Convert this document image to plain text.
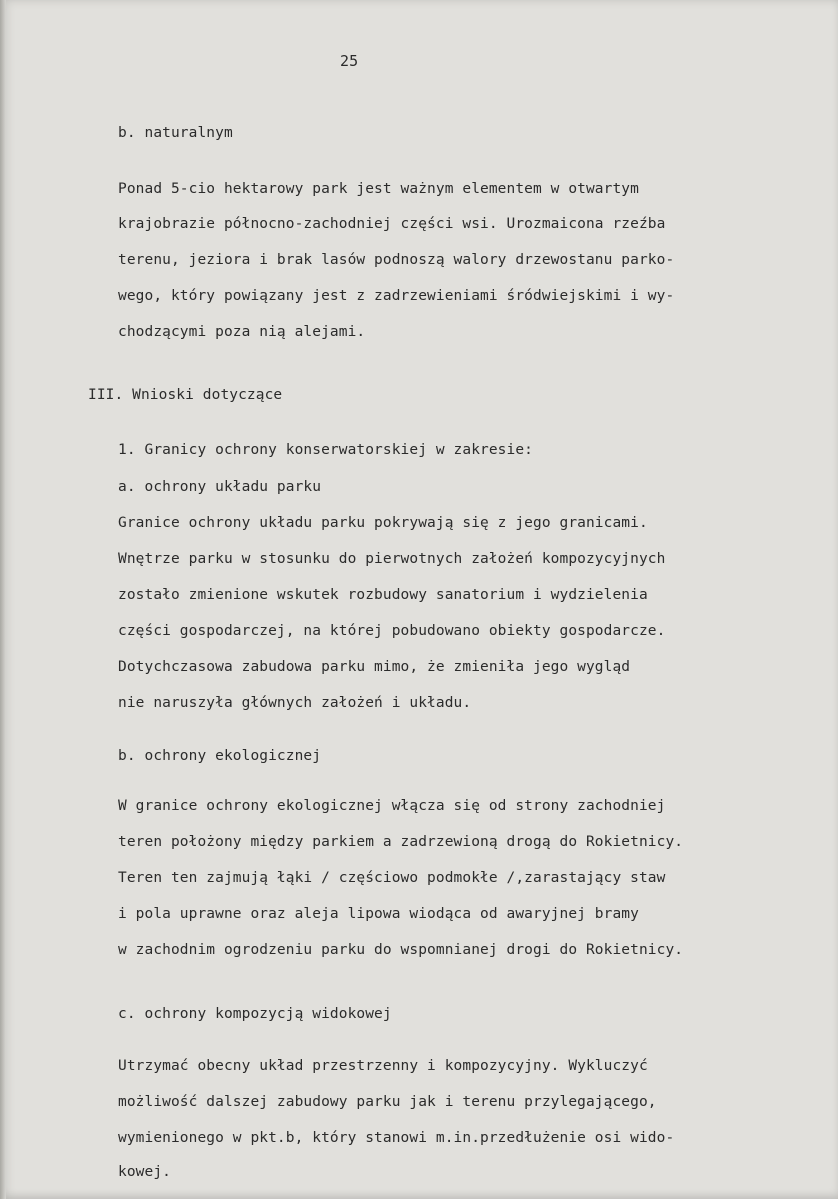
25
b. naturalnym
Ponad 5-cio hektarowy park jest ważnym elementem w otwartym
krajobrazie północno-zachodniej części wsi. Urozmaicona rzeźba
terenu, jeziora i brak lasów podnoszą walory drzewostanu parko-
wego, który powiązany jest z zadrzewieniami śródwiejskimi i wy-
chodzącymi poza nią alejami.
III. Wnioski dotyczące
1. Granicy ochrony konserwatorskiej w zakresie:
a. ochrony układu parku
Granice ochrony układu parku pokrywają się z jego granicami.
Wnętrze parku w stosunku do pierwotnych założeń kompozycyjnych
zostało zmienione wskutek rozbudowy sanatorium i wydzielenia
części gospodarczej, na której pobudowano obiekty gospodarcze.
Dotychczasowa zabudowa parku mimo, że zmieniła jego wygląd
nie naruszyła głównych założeń i układu.
b. ochrony ekologicznej
W granice ochrony ekologicznej włącza się od strony zachodniej
teren położony między parkiem a zadrzewioną drogą do Rokietnicy.
Teren ten zajmują łąki / częściowo podmokłe /,zarastający staw
i pola uprawne oraz aleja lipowa wiodąca od awaryjnej bramy
w zachodnim ogrodzeniu parku do wspomnianej drogi do Rokietnicy.
c. ochrony kompozycją widokowej
Utrzymać obecny układ przestrzenny i kompozycyjny. Wykluczyć
możliwość dalszej zabudowy parku jak i terenu przylegającego,
wymienionego w pkt.b, który stanowi m.in.przedłużenie osi wido-
kowej.
